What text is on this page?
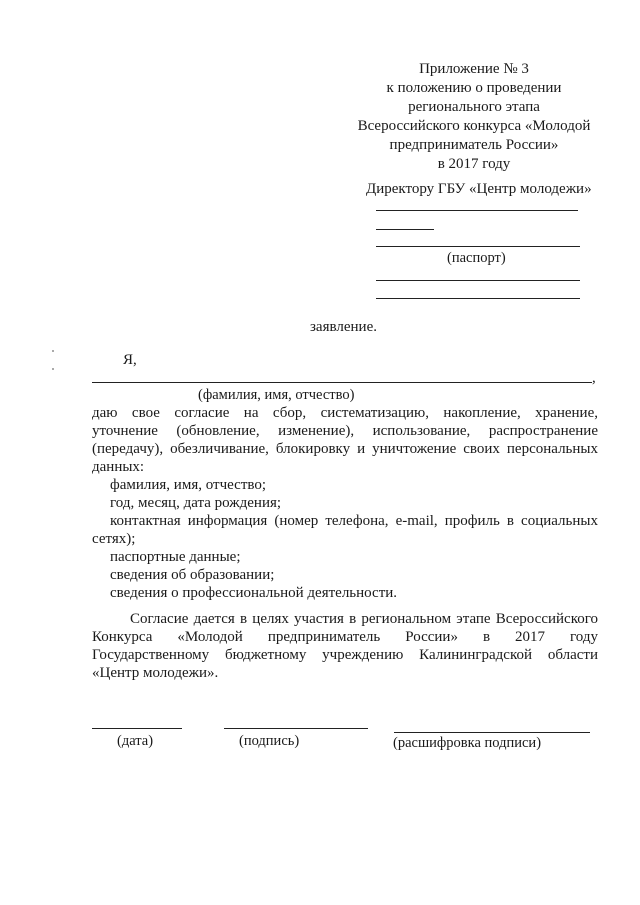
Приложение № 3
к положению о проведении
регионального этапа
Всероссийского конкурса «Молодой
предприниматель России»
в 2017 году
Директору ГБУ «Центр молодежи»
(паспорт)
заявление.
Я,
,
(фамилия, имя, отчество)
даю свое согласие на сбор, систематизацию, накопление, хранение,
уточнение (обновление, изменение), использование, распространение
(передачу), обезличивание, блокировку и уничтожение своих персональных
данных:
фамилия, имя, отчество;
год, месяц, дата рождения;
контактная информация (номер телефона, e-mail, профиль в социальных
сетях);
паспортные данные;
сведения об образовании;
сведения о профессиональной деятельности.
Согласие дается в целях участия в региональном этапе Всероссийского
Конкурса «Молодой предприниматель России» в 2017 году
Государственному бюджетному учреждению Калининградской области
«Центр молодежи».
(дата)	(подпись)	(расшифровка подписи)
